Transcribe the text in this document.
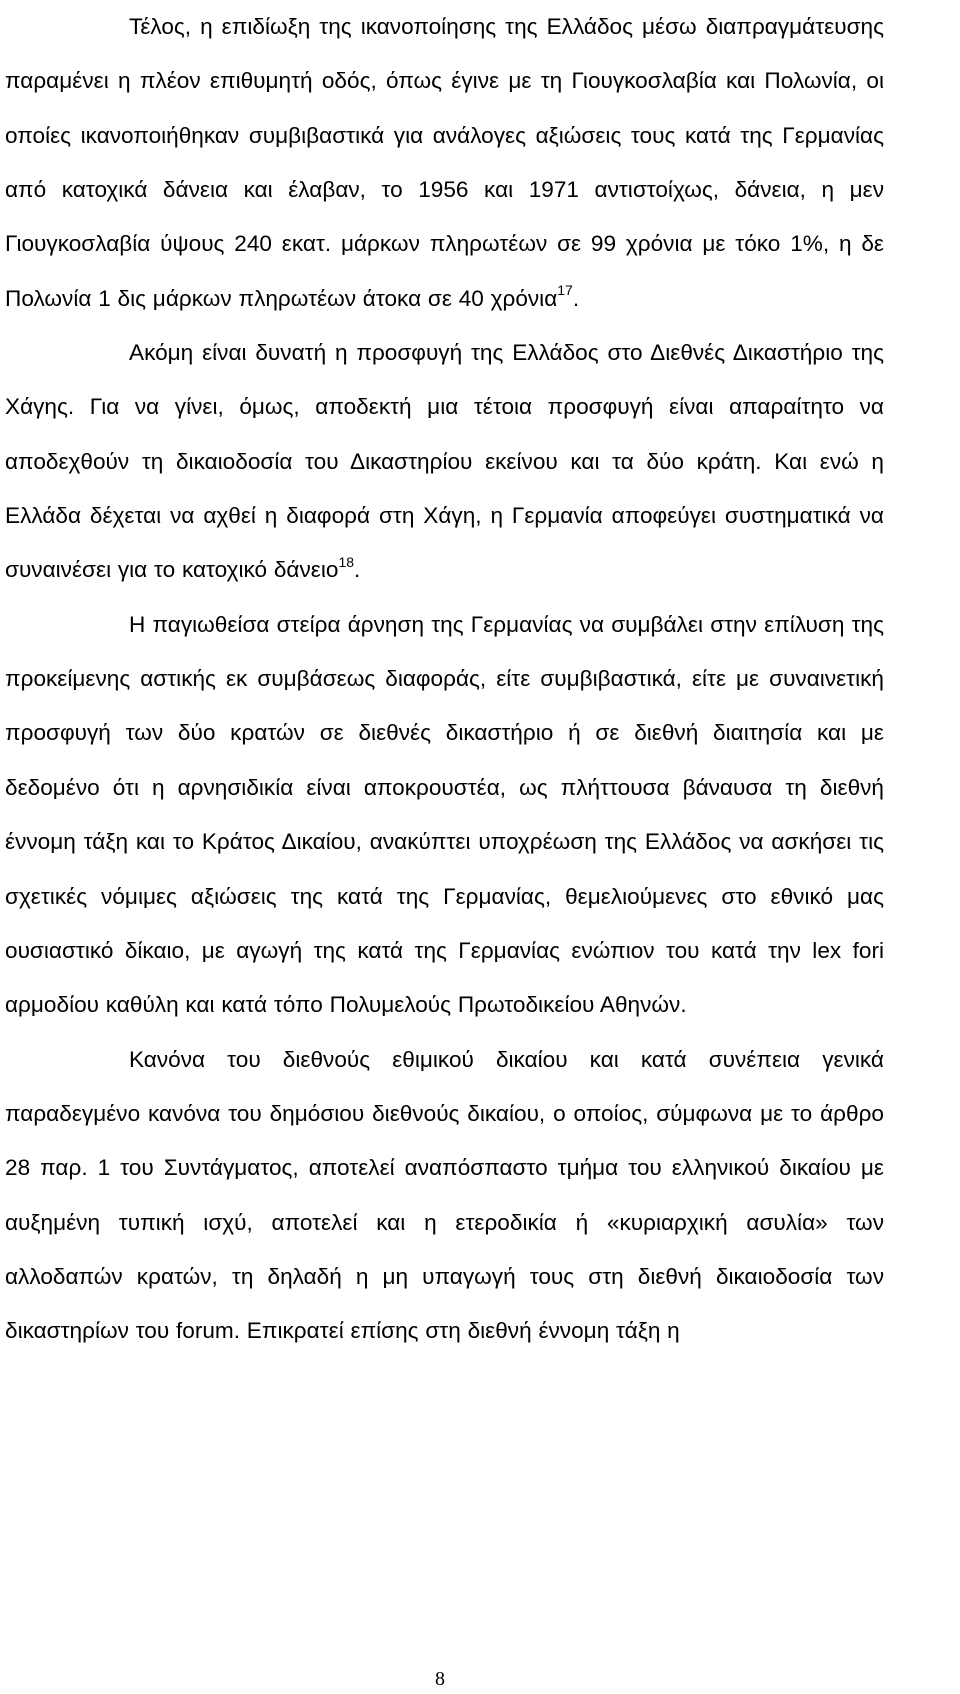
Τέλος, η επιδίωξη της ικανοποίησης της Ελλάδος μέσω διαπραγμάτευσης παραμένει η πλέον επιθυμητή οδός, όπως έγινε με τη Γιουγκοσλαβία και Πολωνία, οι οποίες ικανοποιήθηκαν συμβιβαστικά για ανάλογες αξιώσεις τους κατά της Γερμανίας από κατοχικά δάνεια και έλαβαν, το 1956 και 1971 αντιστοίχως, δάνεια, η μεν Γιουγκοσλαβία ύψους 240 εκατ. μάρκων πληρωτέων σε 99 χρόνια με τόκο 1%, η δε Πολωνία 1 δις μάρκων πληρωτέων άτοκα σε 40 χρόνια$^{17}$.

Ακόμη είναι δυνατή η προσφυγή της Ελλάδος στο Διεθνές Δικαστήριο της Χάγης. Για να γίνει, όμως, αποδεκτή μια τέτοια προσφυγή είναι απαραίτητο να αποδεχθούν τη δικαιοδοσία του Δικαστηρίου εκείνου και τα δύο κράτη. Και ενώ η Ελλάδα δέχεται να αχθεί η διαφορά στη Χάγη, η Γερμανία αποφεύγει συστηματικά να συναινέσει για το κατοχικό δάνειο$^{18}$.

Η παγιωθείσα στείρα άρνηση της Γερμανίας να συμβάλει στην επίλυση της προκείμενης αστικής εκ συμβάσεως διαφοράς, είτε συμβιβαστικά, είτε με συναινετική προσφυγή των δύο κρατών σε διεθνές δικαστήριο ή σε διεθνή διαιτησία και με δεδομένο ότι η αρνησιδικία είναι αποκρουστέα, ως πλήττουσα βάναυσα τη διεθνή έννομη τάξη και το Κράτος Δικαίου, ανακύπτει υποχρέωση της Ελλάδος να ασκήσει τις σχετικές νόμιμες αξιώσεις της κατά της Γερμανίας, θεμελιούμενες στο εθνικό μας ουσιαστικό δίκαιο, με αγωγή της κατά της Γερμανίας ενώπιον του κατά την lex fori αρμοδίου καθύλη και κατά τόπο Πολυμελούς Πρωτοδικείου Αθηνών.

Κανόνα του διεθνούς εθιμικού δικαίου και κατά συνέπεια γενικά παραδεγμένο κανόνα του δημόσιου διεθνούς δικαίου, ο οποίος, σύμφωνα με το άρθρο 28 παρ. 1 του Συντάγματος, αποτελεί αναπόσπαστο τμήμα του ελληνικού δικαίου με αυξημένη τυπική ισχύ, αποτελεί και η ετεροδικία ή «κυριαρχική ασυλία» των αλλοδαπών κρατών, τη δηλαδή η μη υπαγωγή τους στη διεθνή δικαιοδοσία των δικαστηρίων του forum. Επικρατεί επίσης στη διεθνή έννομη τάξη η

8
